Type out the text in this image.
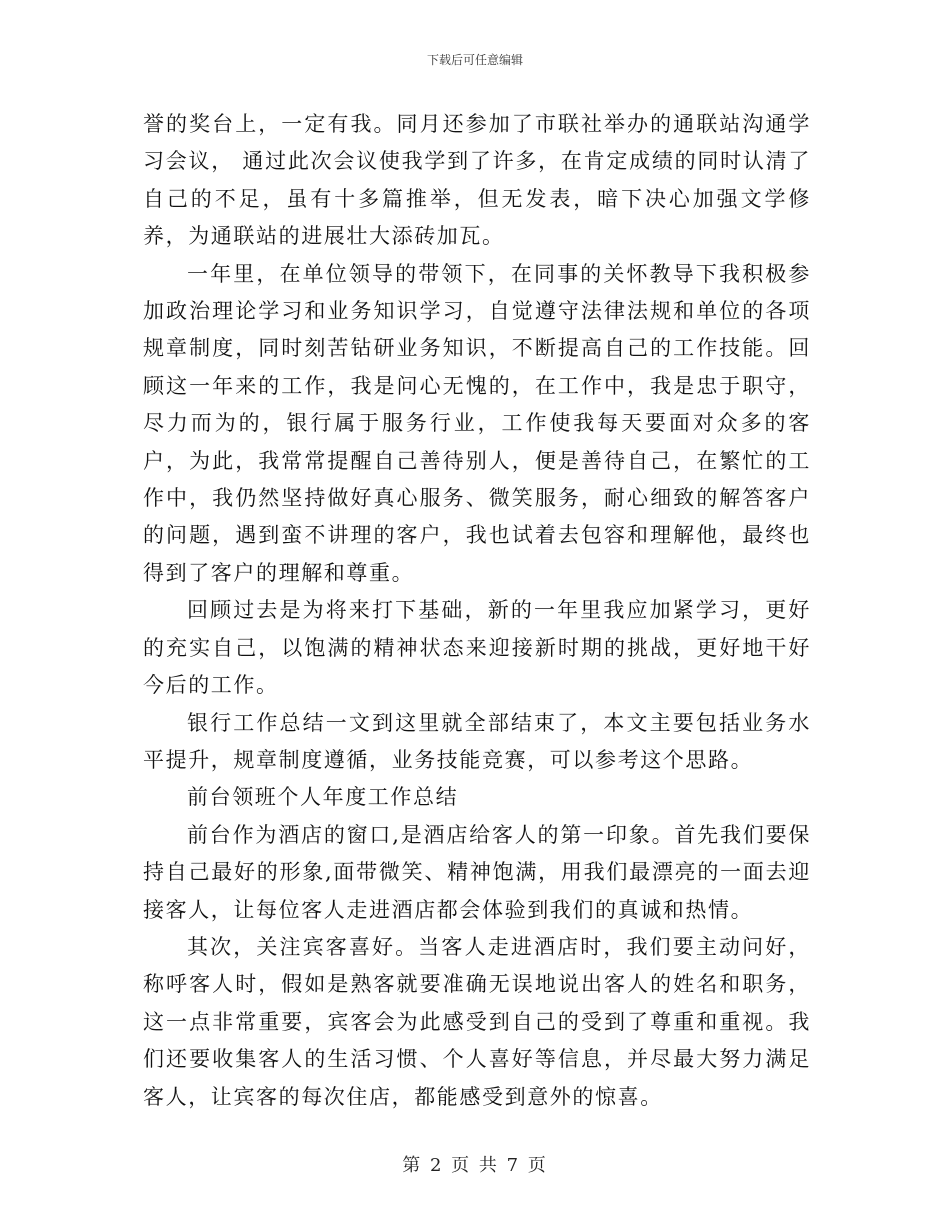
下载后可任意编辑

誉的奖台上，一定有我。同月还参加了市联社举办的通联站沟通学习会议， 通过此次会议使我学到了许多，在肯定成绩的同时认清了自己的不足，虽有十多篇推举，但无发表，暗下决心加强文学修养，为通联站的进展壮大添砖加瓦。

一年里，在单位领导的带领下，在同事的关怀教导下我积极参加政治理论学习和业务知识学习，自觉遵守法律法规和单位的各项规章制度，同时刻苦钻研业务知识，不断提高自己的工作技能。回顾这一年来的工作，我是问心无愧的，在工作中，我是忠于职守，尽力而为的，银行属于服务行业，工作使我每天要面对众多的客户，为此，我常常提醒自己善待别人，便是善待自己，在繁忙的工作中，我仍然坚持做好真心服务、微笑服务，耐心细致的解答客户的问题，遇到蛮不讲理的客户，我也试着去包容和理解他，最终也得到了客户的理解和尊重。

回顾过去是为将来打下基础，新的一年里我应加紧学习，更好的充实自己，以饱满的精神状态来迎接新时期的挑战，更好地干好今后的工作。

银行工作总结一文到这里就全部结束了，本文主要包括业务水平提升，规章制度遵循，业务技能竞赛，可以参考这个思路。

前台领班个人年度工作总结

前台作为酒店的窗口,是酒店给客人的第一印象。首先我们要保持自己最好的形象,面带微笑、精神饱满，用我们最漂亮的一面去迎接客人，让每位客人走进酒店都会体验到我们的真诚和热情。

其次，关注宾客喜好。当客人走进酒店时，我们要主动问好，称呼客人时，假如是熟客就要准确无误地说出客人的姓名和职务，这一点非常重要，宾客会为此感受到自己的受到了尊重和重视。我们还要收集客人的生活习惯、个人喜好等信息，并尽最大努力满足客人，让宾客的每次住店，都能感受到意外的惊喜。

第 2 页 共 7 页
